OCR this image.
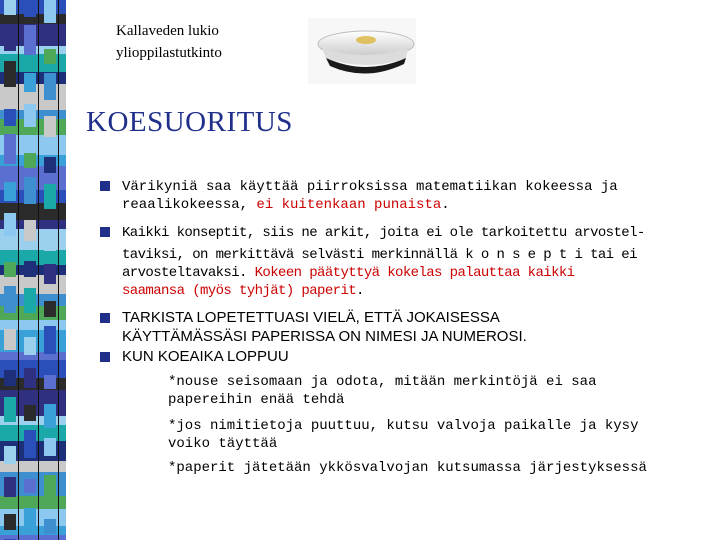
Kallaveden lukio
ylioppilastutkinto
KOESUORITUS
Värikyniä saa käyttää piirroksissa matematiikan kokeessa ja
reaalikokeessa, ei kuitenkaan punaista.
Kaikki konseptit, siis ne arkit, joita ei ole tarkoitettu arvostel-
taviksi, on merkittävä selvästi merkinnällä k o n s e p t i tai ei
arvosteltavaksi. Kokeen päätyttyä kokelas palauttaa kaikki
saamansa (myös tyhjät) paperit.
TARKISTA LOPETETTUASI VIELÄ, ETTÄ JOKAISESSA
KÄYTTÄMÄSSÄSI PAPERISSA ON NIMESI JA NUMEROSI.
KUN KOEAIKA LOPPUU
*nouse seisomaan ja odota, mitään merkintöjä ei saa
papereihin enää tehdä
*jos nimitietoja puuttuu, kutsu valvoja paikalle ja kysy
voiko täyttää
*paperit jätetään ykkösvalvojan kutsumassa järjestyksessä
